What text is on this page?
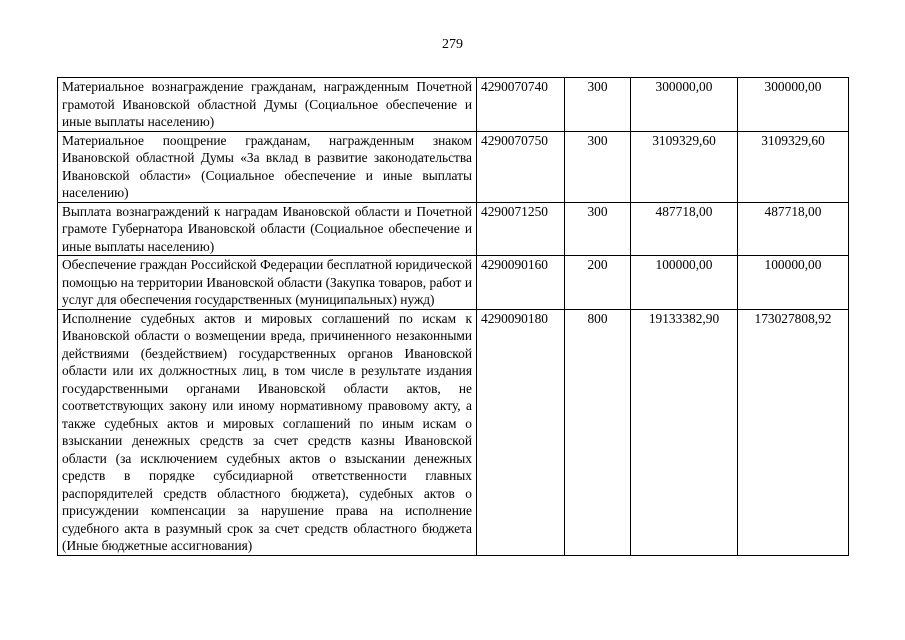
279
Материальное вознаграждение гражданам, награжденным Почетной грамотой Ивановской областной Думы (Социальное обеспечение и иные выплаты населению)	4290070740	300	300000,00	300000,00
Материальное поощрение гражданам, награжденным знаком Ивановской областной Думы «За вклад в развитие законодательства Ивановской области» (Социальное обеспечение и иные выплаты населению)	4290070750	300	3109329,60	3109329,60
Выплата вознаграждений к наградам Ивановской области и Почетной грамоте Губернатора Ивановской области (Социальное обеспечение и иные выплаты населению)	4290071250	300	487718,00	487718,00
Обеспечение граждан Российской Федерации бесплатной юридической помощью на территории Ивановской области (Закупка товаров, работ и услуг для обеспечения государственных (муниципальных) нужд)	4290090160	200	100000,00	100000,00
Исполнение судебных актов и мировых соглашений по искам к Ивановской области о возмещении вреда, причиненного незаконными действиями (бездействием) государственных органов Ивановской области или их должностных лиц, в том числе в результате издания государственными органами Ивановской области актов, не соответствующих закону или иному нормативному правовому акту, а также судебных актов и мировых соглашений по иным искам о взыскании денежных средств за счет средств казны Ивановской области (за исключением судебных актов о взыскании денежных средств в порядке субсидиарной ответственности главных распорядителей средств областного бюджета), судебных актов о присуждении компенсации за нарушение права на исполнение судебного акта в разумный срок за счет средств областного бюджета (Иные бюджетные ассигнования)	4290090180	800	19133382,90	173027808,92
